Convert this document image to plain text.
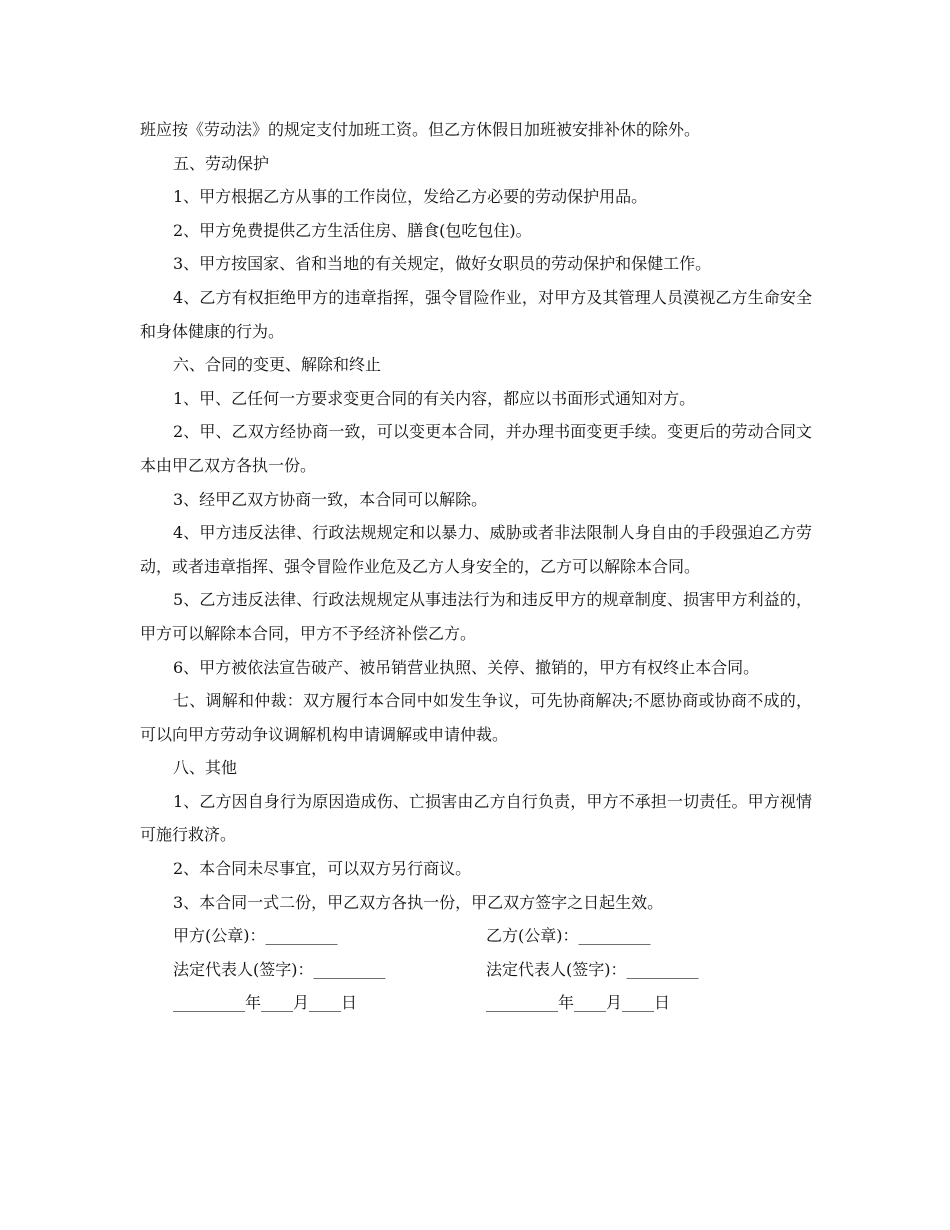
班应按《劳动法》的规定支付加班工资。但乙方休假日加班被安排补休的除外。

五、劳动保护

1、甲方根据乙方从事的工作岗位，发给乙方必要的劳动保护用品。

2、甲方免费提供乙方生活住房、膳食(包吃包住)。

3、甲方按国家、省和当地的有关规定，做好女职员的劳动保护和保健工作。

4、乙方有权拒绝甲方的违章指挥，强令冒险作业，对甲方及其管理人员漠视乙方生命安全和身体健康的行为。

六、合同的变更、解除和终止

1、甲、乙任何一方要求变更合同的有关内容，都应以书面形式通知对方。

2、甲、乙双方经协商一致，可以变更本合同，并办理书面变更手续。变更后的劳动合同文本由甲乙双方各执一份。

3、经甲乙双方协商一致，本合同可以解除。

4、甲方违反法律、行政法规规定和以暴力、威胁或者非法限制人身自由的手段强迫乙方劳动，或者违章指挥、强令冒险作业危及乙方人身安全的，乙方可以解除本合同。

5、乙方违反法律、行政法规规定从事违法行为和违反甲方的规章制度、损害甲方利益的，甲方可以解除本合同，甲方不予经济补偿乙方。

6、甲方被依法宣告破产、被吊销营业执照、关停、撤销的，甲方有权终止本合同。

七、调解和仲裁：双方履行本合同中如发生争议，可先协商解决;不愿协商或协商不成的，可以向甲方劳动争议调解机构申请调解或申请仲裁。

八、其他

1、乙方因自身行为原因造成伤、亡损害由乙方自行负责，甲方不承担一切责任。甲方视情可施行救济。

2、本合同未尽事宜，可以双方另行商议。

3、本合同一式二份，甲乙双方各执一份，甲乙双方签字之日起生效。

甲方(公章)：_________	乙方(公章)：_________
法定代表人(签字)：_________	法定代表人(签字)：_________
_________年____月____日	_________年____月____日
